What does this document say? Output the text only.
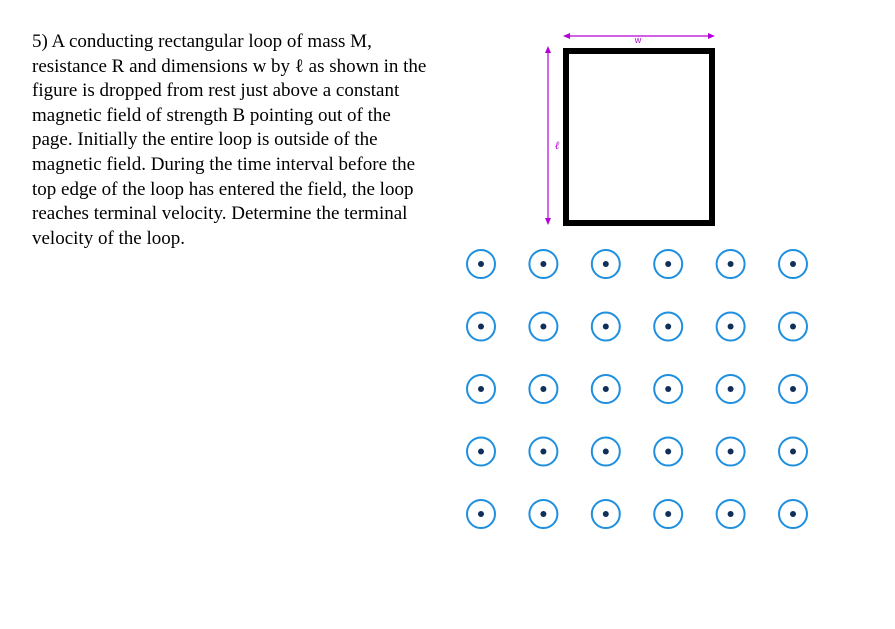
5) A conducting rectangular loop of mass M,
resistance R and dimensions w by ℓ as shown in the
figure is dropped from rest just above a constant
magnetic field of strength B pointing out of the
page. Initially the entire loop is outside of the
magnetic field. During the time interval before the
top edge of the loop has entered the field, the loop
reaches terminal velocity. Determine the terminal
velocity of the loop.
w
ℓ
